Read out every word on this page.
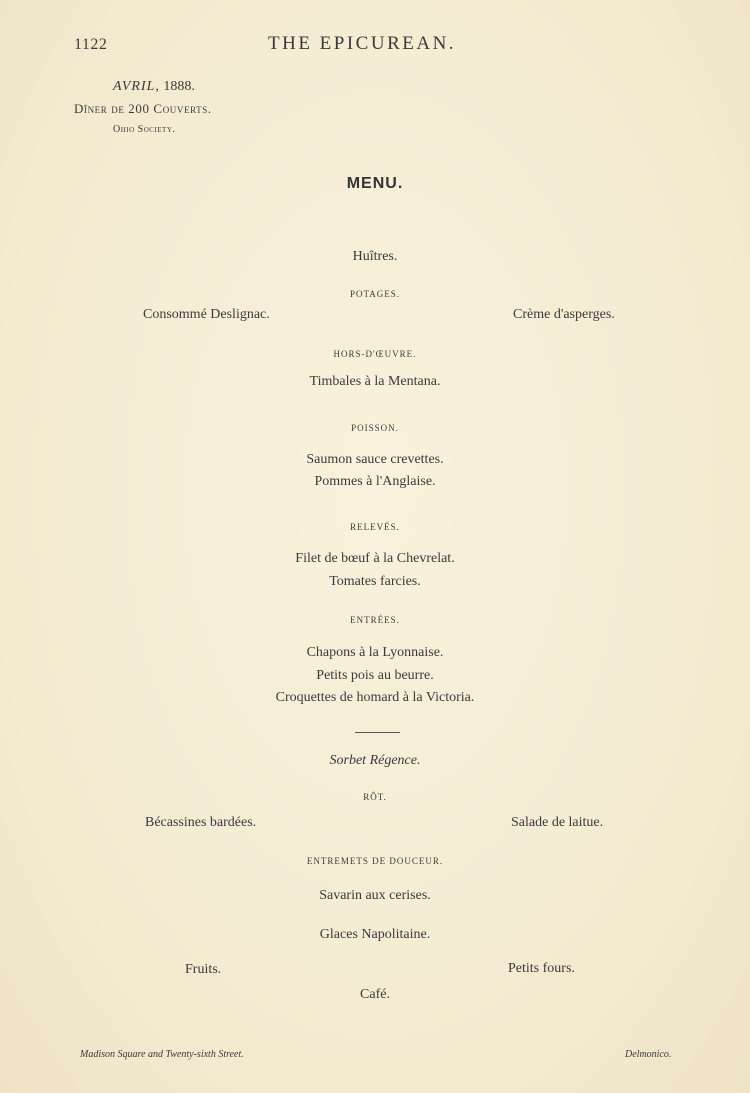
1122	THE EPICUREAN.
AVRIL, 1888.
Dîner de 200 Couverts.
Ohio Society.
MENU.
Huîtres.
POTAGES.
Consommé Deslignac.	Crème d'asperges.
HORS-D'ŒUVRE.
Timbales à la Mentana.
POISSON.
Saumon sauce crevettes.
Pommes à l'Anglaise.
RELEVÉS.
Filet de bœuf à la Chevrelat.
Tomates farcies.
ENTRÉES.
Chapons à la Lyonnaise.
Petits pois au beurre.
Croquettes de homard à la Victoria.
Sorbet Régence.
RÔT.
Bécassines bardées.	Salade de laitue.
ENTREMETS DE DOUCEUR.
Savarin aux cerises.
Glaces Napolitaine.
Fruits.	Petits fours.
Café.
Madison Square and Twenty-sixth Street.	Delmonico.
